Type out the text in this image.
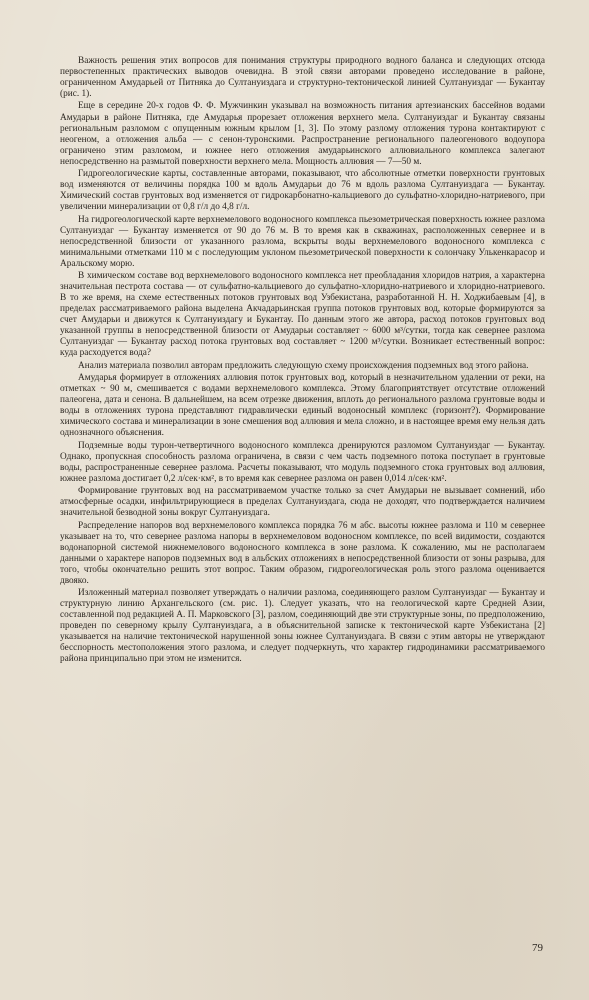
Важность решения этих вопросов для понимания структуры природного водного баланса и следующих отсюда первостепенных практических выводов очевидна. В этой связи авторами проведено исследование в районе, ограниченном Амударьей от Питняка до Султануиздага и структурно-тектонической линией Султануиздаг — Букантау (рис. 1).

Еще в середине 20-х годов Ф. Ф. Мужчинкин указывал на возможность питания артезианских бассейнов водами Амударьи в районе Питняка, где Амударья прорезает отложения верхнего мела. Султануиздаг и Букантау связаны региональным разломом с опущенным южным крылом [1, 3]. По этому разлому отложения турона контактируют с неогеном, а отложения альба — с сенон-туронскими. Распространение регионального палеогенового водоупора ограничено этим разломом, и южнее него отложения амударьинского аллювиального комплекса залегают непосредственно на размытой поверхности верхнего мела. Мощность аллювия — 7—50 м.

Гидрогеологические карты, составленные авторами, показывают, что абсолютные отметки поверхности грунтовых вод изменяются от величины порядка 100 м вдоль Амударьи до 76 м вдоль разлома Султануиздага — Букантау. Химический состав грунтовых вод изменяется от гидрокарбонатно-кальциевого до сульфатно-хлоридно-натриевого, при увеличении минерализации от 0,8 г/л до 4,8 г/л.

На гидрогеологической карте верхнемелового водоносного комплекса пьезометрическая поверхность южнее разлома Султануиздаг — Букантау изменяется от 90 до 76 м. В то время как в скважинах, расположенных севернее и в непосредственной близости от указанного разлома, вскрыты воды верхнемелового водоносного комплекса с минимальными отметками 110 м с последующим уклоном пьезометрической поверхности к солончаку Улькенкарасор и Аральскому морю.

В химическом составе вод верхнемелового водоносного комплекса нет преобладания хлоридов натрия, а характерна значительная пестрота состава — от сульфатно-кальциевого до сульфатно-хлоридно-натриевого и хлоридно-натриевого. В то же время, на схеме естественных потоков грунтовых вод Узбекистана, разработанной Н. Н. Ходжибаевым [4], в пределах рассматриваемого района выделена Акчадарьинская группа потоков грунтовых вод, которые формируются за счет Амударьи и движутся к Султануиздагу и Букантау. По данным этого же автора, расход потоков грунтовых вод указанной группы в непосредственной близости от Амударьи составляет ~ 6000 м³/сутки, тогда как севернее разлома Султануиздаг — Букантау расход потока грунтовых вод составляет ~ 1200 м³/сутки. Возникает естественный вопрос: куда расходуется вода?

Анализ материала позволил авторам предложить следующую схему происхождения подземных вод этого района.

Амударья формирует в отложениях аллювия поток грунтовых вод, который в незначительном удалении от реки, на отметках ~ 90 м, смешивается с водами верхнемелового комплекса. Этому благоприятствует отсутствие отложений палеогена, дата и сенона. В дальнейшем, на всем отрезке движения, вплоть до регионального разлома грунтовые воды и воды в отложениях турона представляют гидравлически единый водоносный комплекс (горизонт?). Формирование химического состава и минерализации в зоне смешения вод аллювия и мела сложно, и в настоящее время ему нельзя дать однозначного объяснения.

Подземные воды турон-четвертичного водоносного комплекса дренируются разломом Султануиздаг — Букантау. Однако, пропускная способность разлома ограничена, в связи с чем часть подземного потока поступает в грунтовые воды, распространенные севернее разлома. Расчеты показывают, что модуль подземного стока грунтовых вод аллювия, южнее разлома достигает 0,2 л/сек·км², в то время как севернее разлома он равен 0,014 л/сек·км².

Формирование грунтовых вод на рассматриваемом участке только за счет Амударьи не вызывает сомнений, ибо атмосферные осадки, инфильтрирующиеся в пределах Султануиздага, сюда не доходят, что подтверждается наличием значительной безводной зоны вокруг Султануиздага.

Распределение напоров вод верхнемелового комплекса порядка 76 м абс. высоты южнее разлома и 110 м севернее указывает на то, что севернее разлома напоры в верхнемеловом водоносном комплексе, по всей видимости, создаются водонапорной системой нижнемелового водоносного комплекса в зоне разлома. К сожалению, мы не располагаем данными о характере напоров подземных вод в альбских отложениях в непосредственной близости от зоны разрыва, для того, чтобы окончательно решить этот вопрос. Таким образом, гидрогеологическая роль этого разлома оценивается двояко.

Изложенный материал позволяет утверждать о наличии разлома, соединяющего разлом Султануиздаг — Букантау и структурную линию Архангельского (см. рис. 1). Следует указать, что на геологической карте Средней Азии, составленной под редакцией А. П. Марковского [3], разлом, соединяющий две эти структурные зоны, по предположению, проведен по северному крылу Султануиздага, а в объяснительной записке к тектонической карте Узбекистана [2] указывается на наличие тектонической нарушенной зоны южнее Султануиздага. В связи с этим авторы не утверждают бесспорность местоположения этого разлома, и следует подчеркнуть, что характер гидродинамики рассматриваемого района принципально при этом не изменится.

79
